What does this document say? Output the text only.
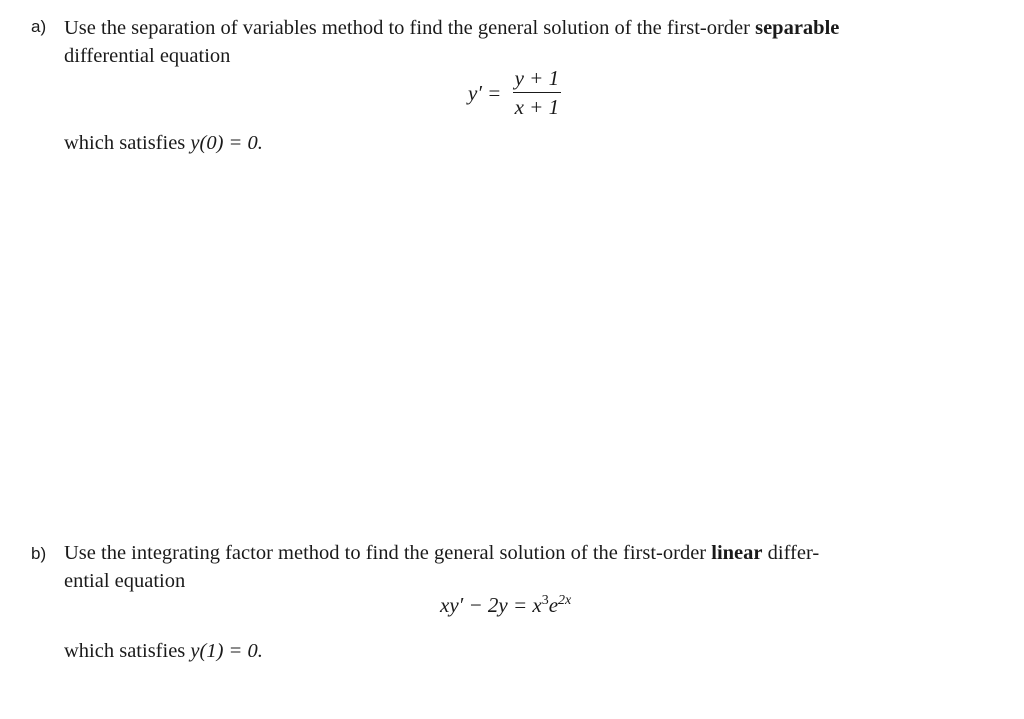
a) Use the separation of variables method to find the general solution of the first-order separable
differential equation
$y' = \frac{y + 1}{x + 1}$
which satisfies y(0) = 0.
b) Use the integrating factor method to find the general solution of the first-order linear differ-
ential equation
$xy' - 2y = x^3e^{2x}$
which satisfies y(1) = 0.
